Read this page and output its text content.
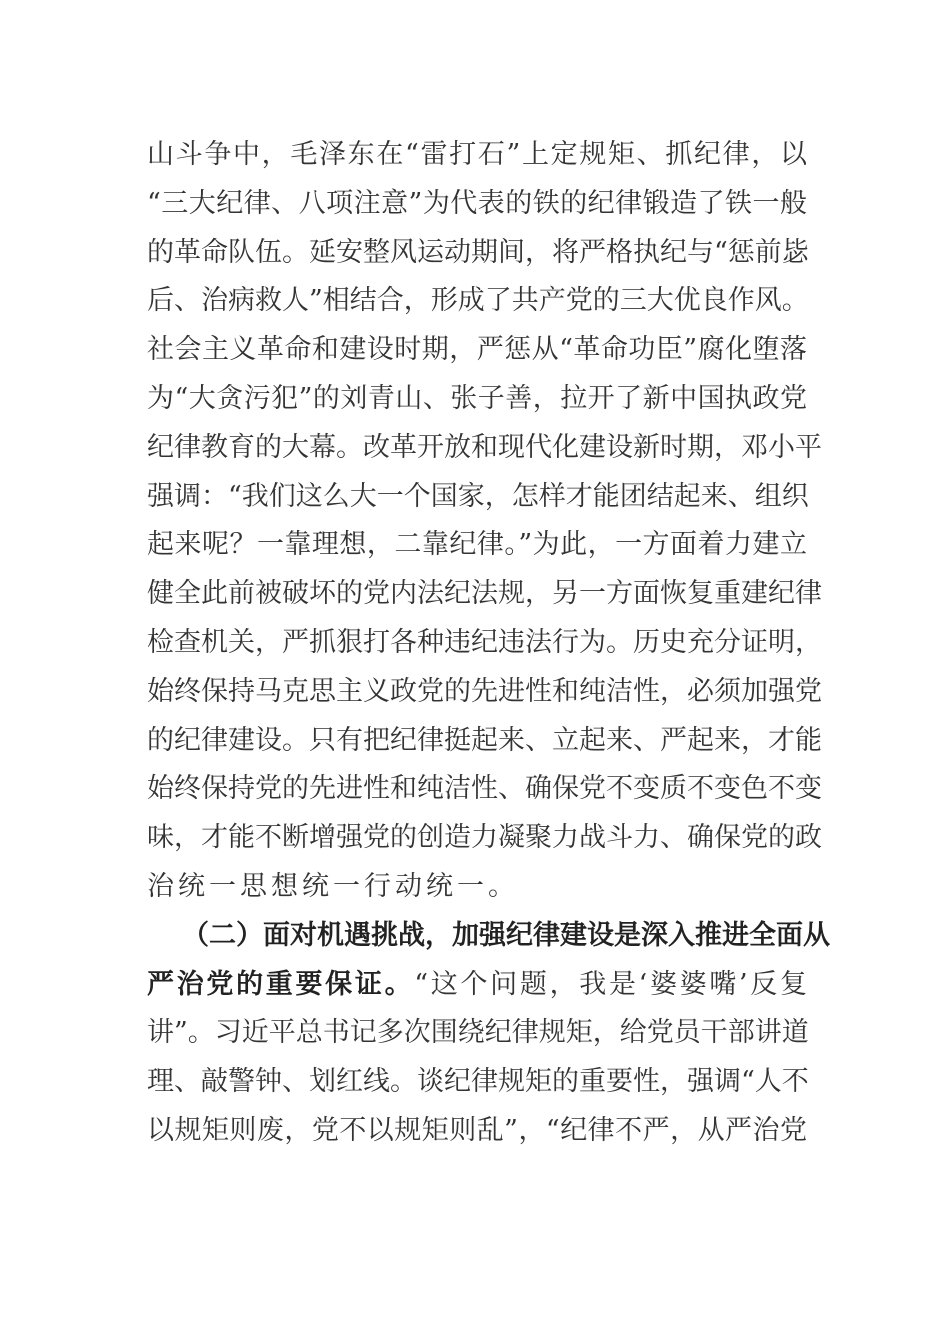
山斗争中，毛泽东在“雷打石”上定规矩、抓纪律，以
“三大纪律、八项注意”为代表的铁的纪律锻造了铁一般
的革命队伍。延安整风运动期间，将严格执纪与“惩前毖
后、治病救人”相结合，形成了共产党的三大优良作风。
社会主义革命和建设时期，严惩从“革命功臣”腐化堕落
为“大贪污犯”的刘青山、张子善，拉开了新中国执政党
纪律教育的大幕。改革开放和现代化建设新时期，邓小平
强调：“我们这么大一个国家，怎样才能团结起来、组织
起来呢？一靠理想，二靠纪律。”为此，一方面着力建立
健全此前被破坏的党内法纪法规，另一方面恢复重建纪律
检查机关，严抓狠打各种违纪违法行为。历史充分证明，
始终保持马克思主义政党的先进性和纯洁性，必须加强党
的纪律建设。只有把纪律挺起来、立起来、严起来，才能
始终保持党的先进性和纯洁性、确保党不变质不变色不变
味，才能不断增强党的创造力凝聚力战斗力、确保党的政
治统一思想统一行动统一。
（二）面对机遇挑战，加强纪律建设是深入推进全面从
严治党的重要保证。“这个问题，我是‘婆婆嘴’反复
讲”。习近平总书记多次围绕纪律规矩，给党员干部讲道
理、敲警钟、划红线。谈纪律规矩的重要性，强调“人不
以规矩则废，党不以规矩则乱”，“纪律不严，从严治党
